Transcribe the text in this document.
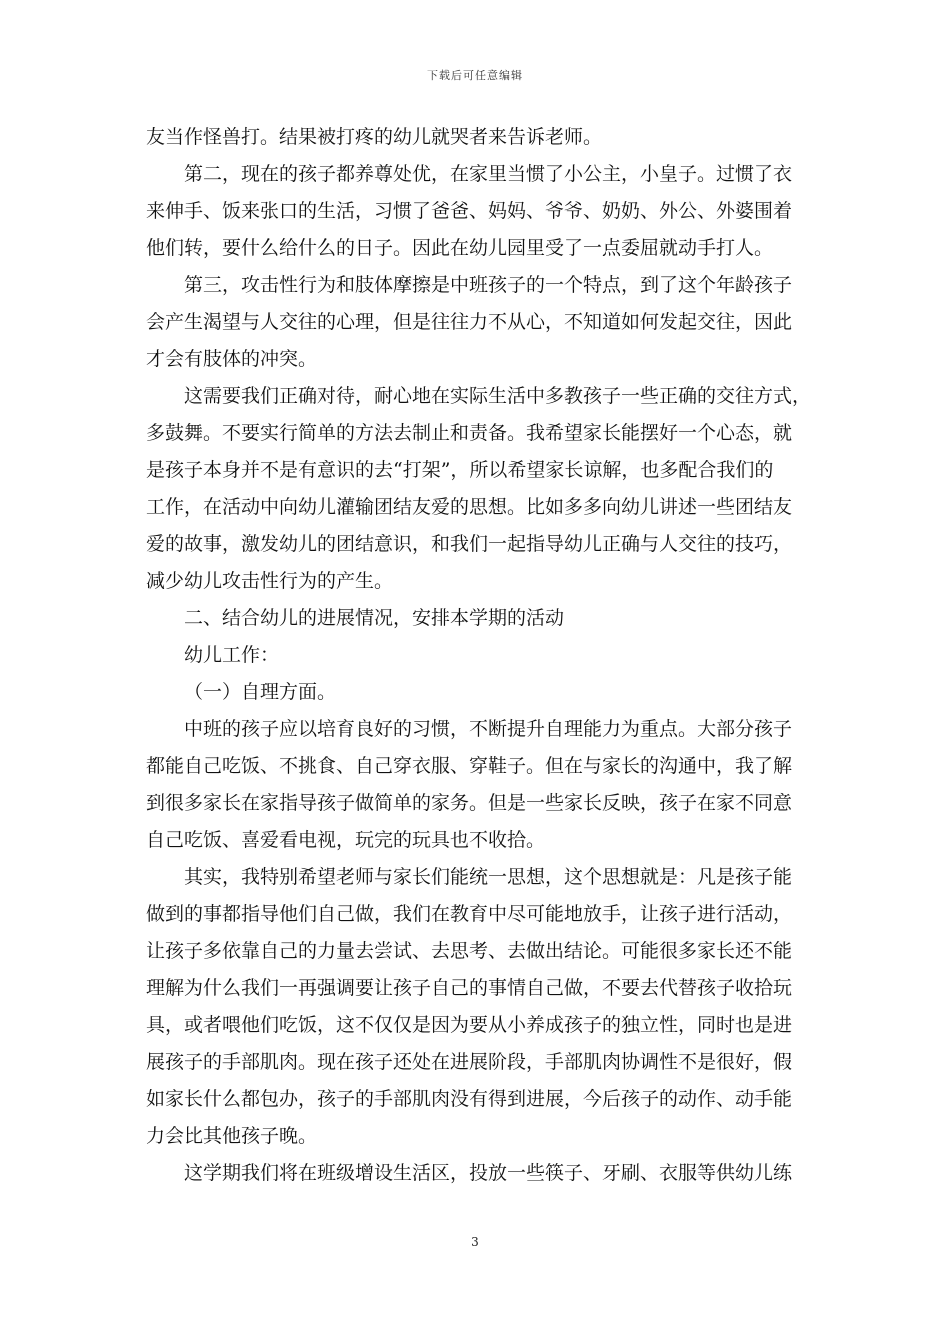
下载后可任意编辑
友当作怪兽打。结果被打疼的幼儿就哭者来告诉老师。
第二，现在的孩子都养尊处优，在家里当惯了小公主，小皇子。过惯了衣
来伸手、饭来张口的生活，习惯了爸爸、妈妈、爷爷、奶奶、外公、外婆围着
他们转，要什么给什么的日子。因此在幼儿园里受了一点委屈就动手打人。
第三，攻击性行为和肢体摩擦是中班孩子的一个特点，到了这个年龄孩子
会产生渴望与人交往的心理，但是往往力不从心，不知道如何发起交往，因此
才会有肢体的冲突。
这需要我们正确对待，耐心地在实际生活中多教孩子一些正确的交往方式，
多鼓舞。不要实行简单的方法去制止和责备。我希望家长能摆好一个心态，就
是孩子本身并不是有意识的去“打架”，所以希望家长谅解，也多配合我们的
工作，在活动中向幼儿灌输团结友爱的思想。比如多多向幼儿讲述一些团结友
爱的故事，激发幼儿的团结意识，和我们一起指导幼儿正确与人交往的技巧，
减少幼儿攻击性行为的产生。
二、结合幼儿的进展情况，安排本学期的活动
幼儿工作：
（一）自理方面。
中班的孩子应以培育良好的习惯，不断提升自理能力为重点。大部分孩子
都能自己吃饭、不挑食、自己穿衣服、穿鞋子。但在与家长的沟通中，我了解
到很多家长在家指导孩子做简单的家务。但是一些家长反映，孩子在家不同意
自己吃饭、喜爱看电视，玩完的玩具也不收拾。
其实，我特别希望老师与家长们能统一思想，这个思想就是：凡是孩子能
做到的事都指导他们自己做，我们在教育中尽可能地放手，让孩子进行活动，
让孩子多依靠自己的力量去尝试、去思考、去做出结论。可能很多家长还不能
理解为什么我们一再强调要让孩子自己的事情自己做，不要去代替孩子收拾玩
具，或者喂他们吃饭，这不仅仅是因为要从小养成孩子的独立性，同时也是进
展孩子的手部肌肉。现在孩子还处在进展阶段，手部肌肉协调性不是很好，假
如家长什么都包办，孩子的手部肌肉没有得到进展，今后孩子的动作、动手能
力会比其他孩子晚。
这学期我们将在班级增设生活区，投放一些筷子、牙刷、衣服等供幼儿练
3
